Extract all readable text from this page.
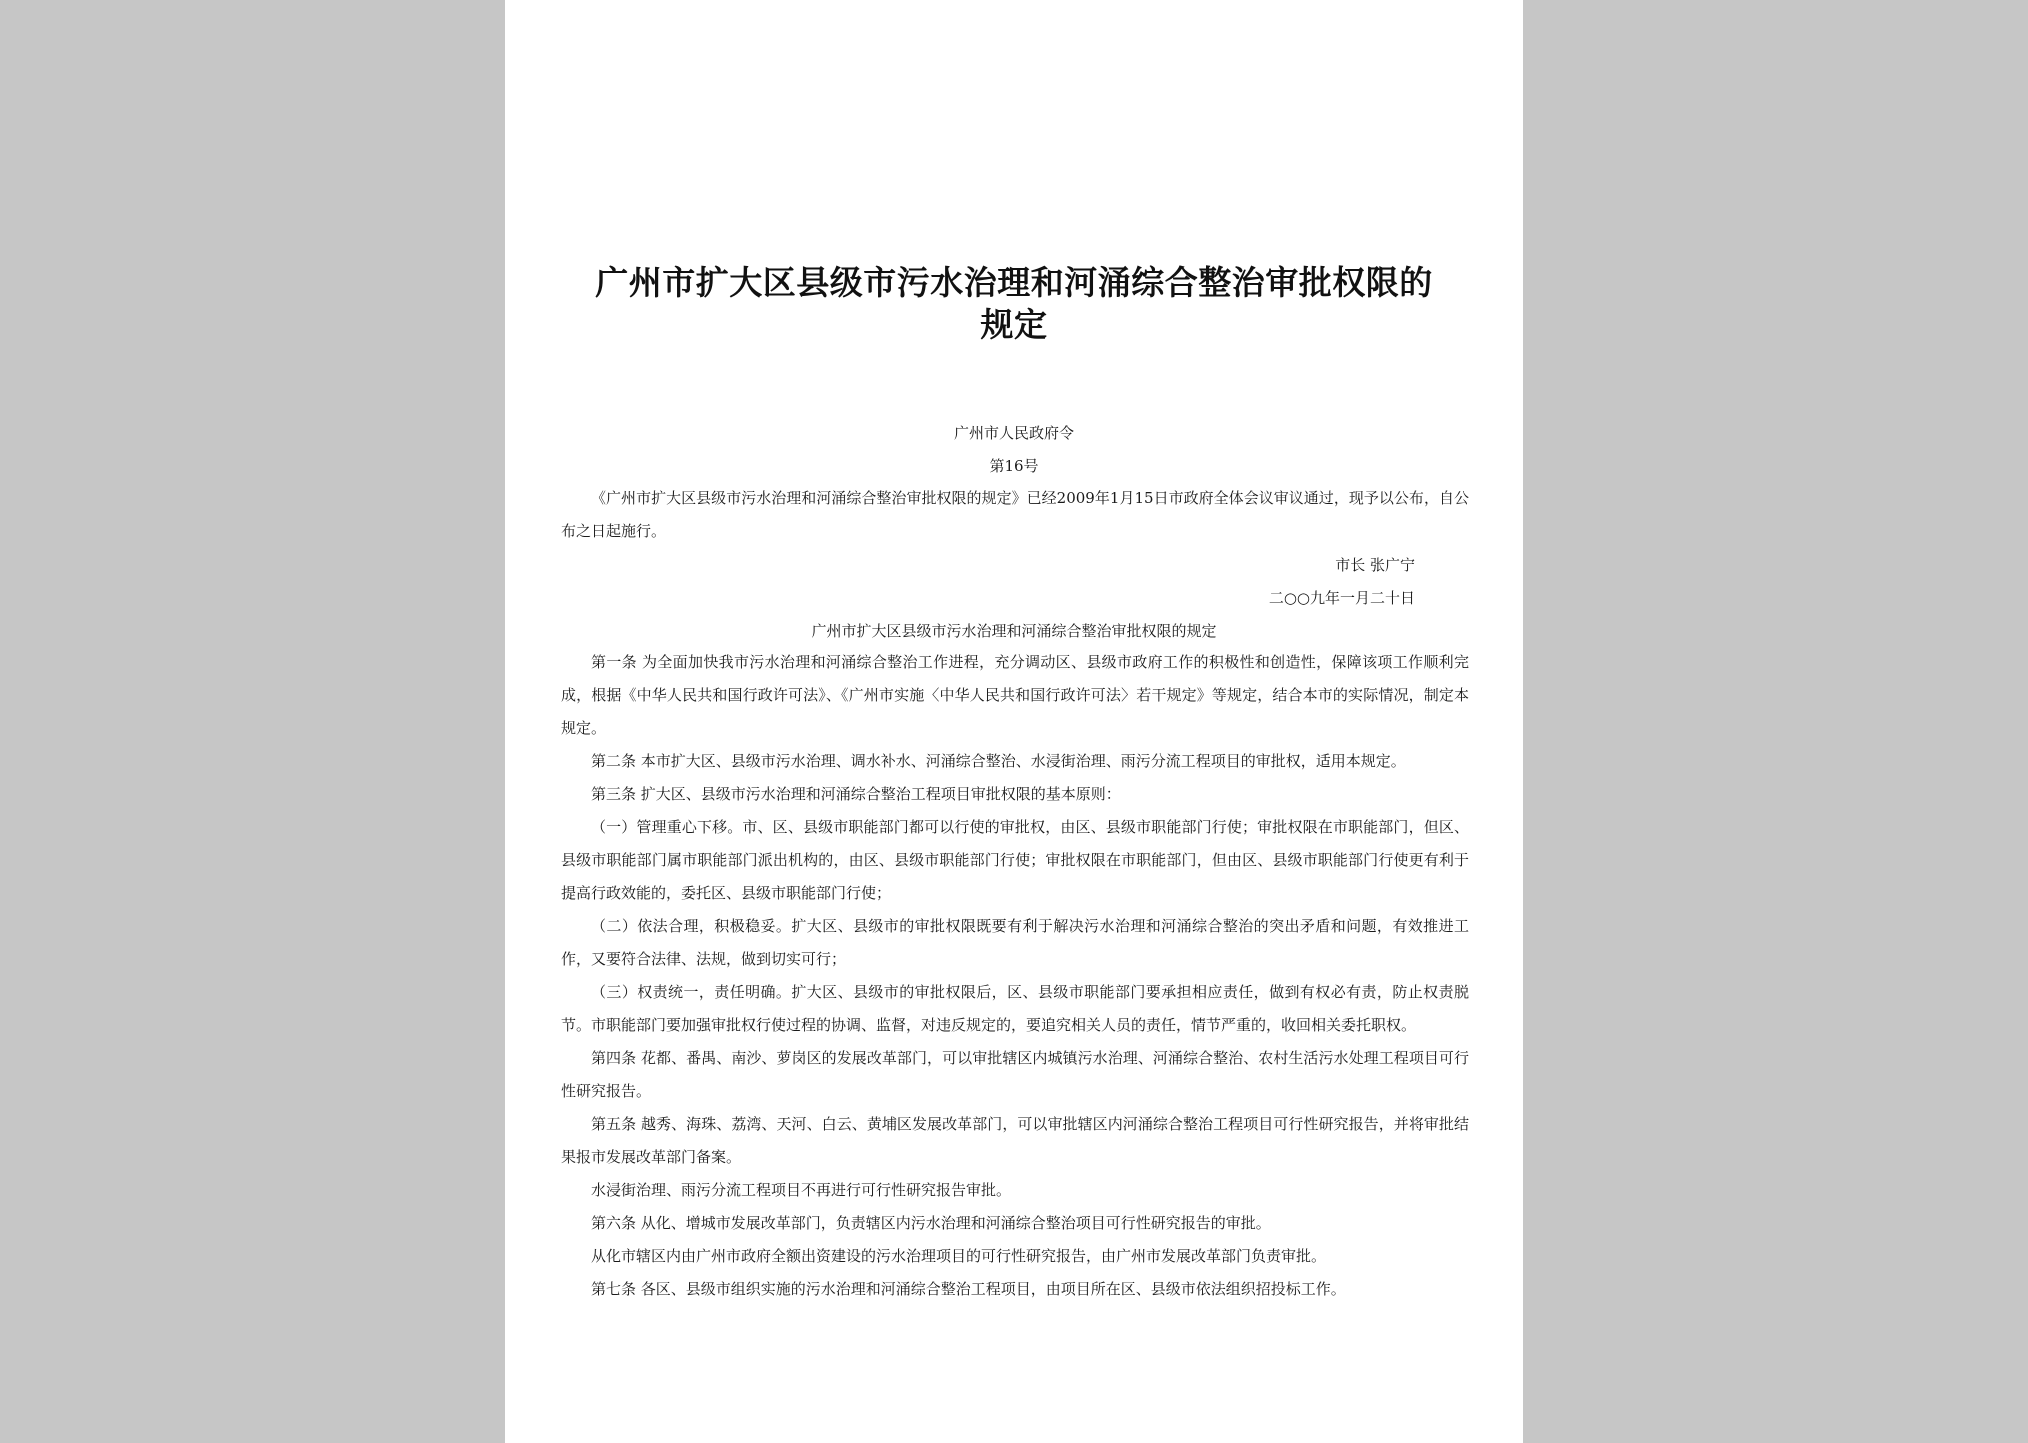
广州市扩大区县级市污水治理和河涌综合整治审批权限的规定

广州市人民政府令

第16号

《广州市扩大区县级市污水治理和河涌综合整治审批权限的规定》已经2009年1月15日市政府全体会议审议通过，现予以公布，自公布之日起施行。

市长 张广宁

二○○九年一月二十日

广州市扩大区县级市污水治理和河涌综合整治审批权限的规定

第一条 为全面加快我市污水治理和河涌综合整治工作进程，充分调动区、县级市政府工作的积极性和创造性，保障该项工作顺利完成，根据《中华人民共和国行政许可法》、《广州市实施〈中华人民共和国行政许可法〉若干规定》等规定，结合本市的实际情况，制定本规定。

第二条 本市扩大区、县级市污水治理、调水补水、河涌综合整治、水浸街治理、雨污分流工程项目的审批权，适用本规定。

第三条 扩大区、县级市污水治理和河涌综合整治工程项目审批权限的基本原则：

（一）管理重心下移。市、区、县级市职能部门都可以行使的审批权，由区、县级市职能部门行使；审批权限在市职能部门，但区、县级市职能部门属市职能部门派出机构的，由区、县级市职能部门行使；审批权限在市职能部门，但由区、县级市职能部门行使更有利于提高行政效能的，委托区、县级市职能部门行使；

（二）依法合理，积极稳妥。扩大区、县级市的审批权限既要有利于解决污水治理和河涌综合整治的突出矛盾和问题，有效推进工作，又要符合法律、法规，做到切实可行；

（三）权责统一，责任明确。扩大区、县级市的审批权限后，区、县级市职能部门要承担相应责任，做到有权必有责，防止权责脱节。市职能部门要加强审批权行使过程的协调、监督，对违反规定的，要追究相关人员的责任，情节严重的，收回相关委托职权。

第四条 花都、番禺、南沙、萝岗区的发展改革部门，可以审批辖区内城镇污水治理、河涌综合整治、农村生活污水处理工程项目可行性研究报告。

第五条 越秀、海珠、荔湾、天河、白云、黄埔区发展改革部门，可以审批辖区内河涌综合整治工程项目可行性研究报告，并将审批结果报市发展改革部门备案。

水浸街治理、雨污分流工程项目不再进行可行性研究报告审批。

第六条 从化、增城市发展改革部门，负责辖区内污水治理和河涌综合整治项目可行性研究报告的审批。

从化市辖区内由广州市政府全额出资建设的污水治理项目的可行性研究报告，由广州市发展改革部门负责审批。

第七条 各区、县级市组织实施的污水治理和河涌综合整治工程项目，由项目所在区、县级市依法组织招投标工作。
